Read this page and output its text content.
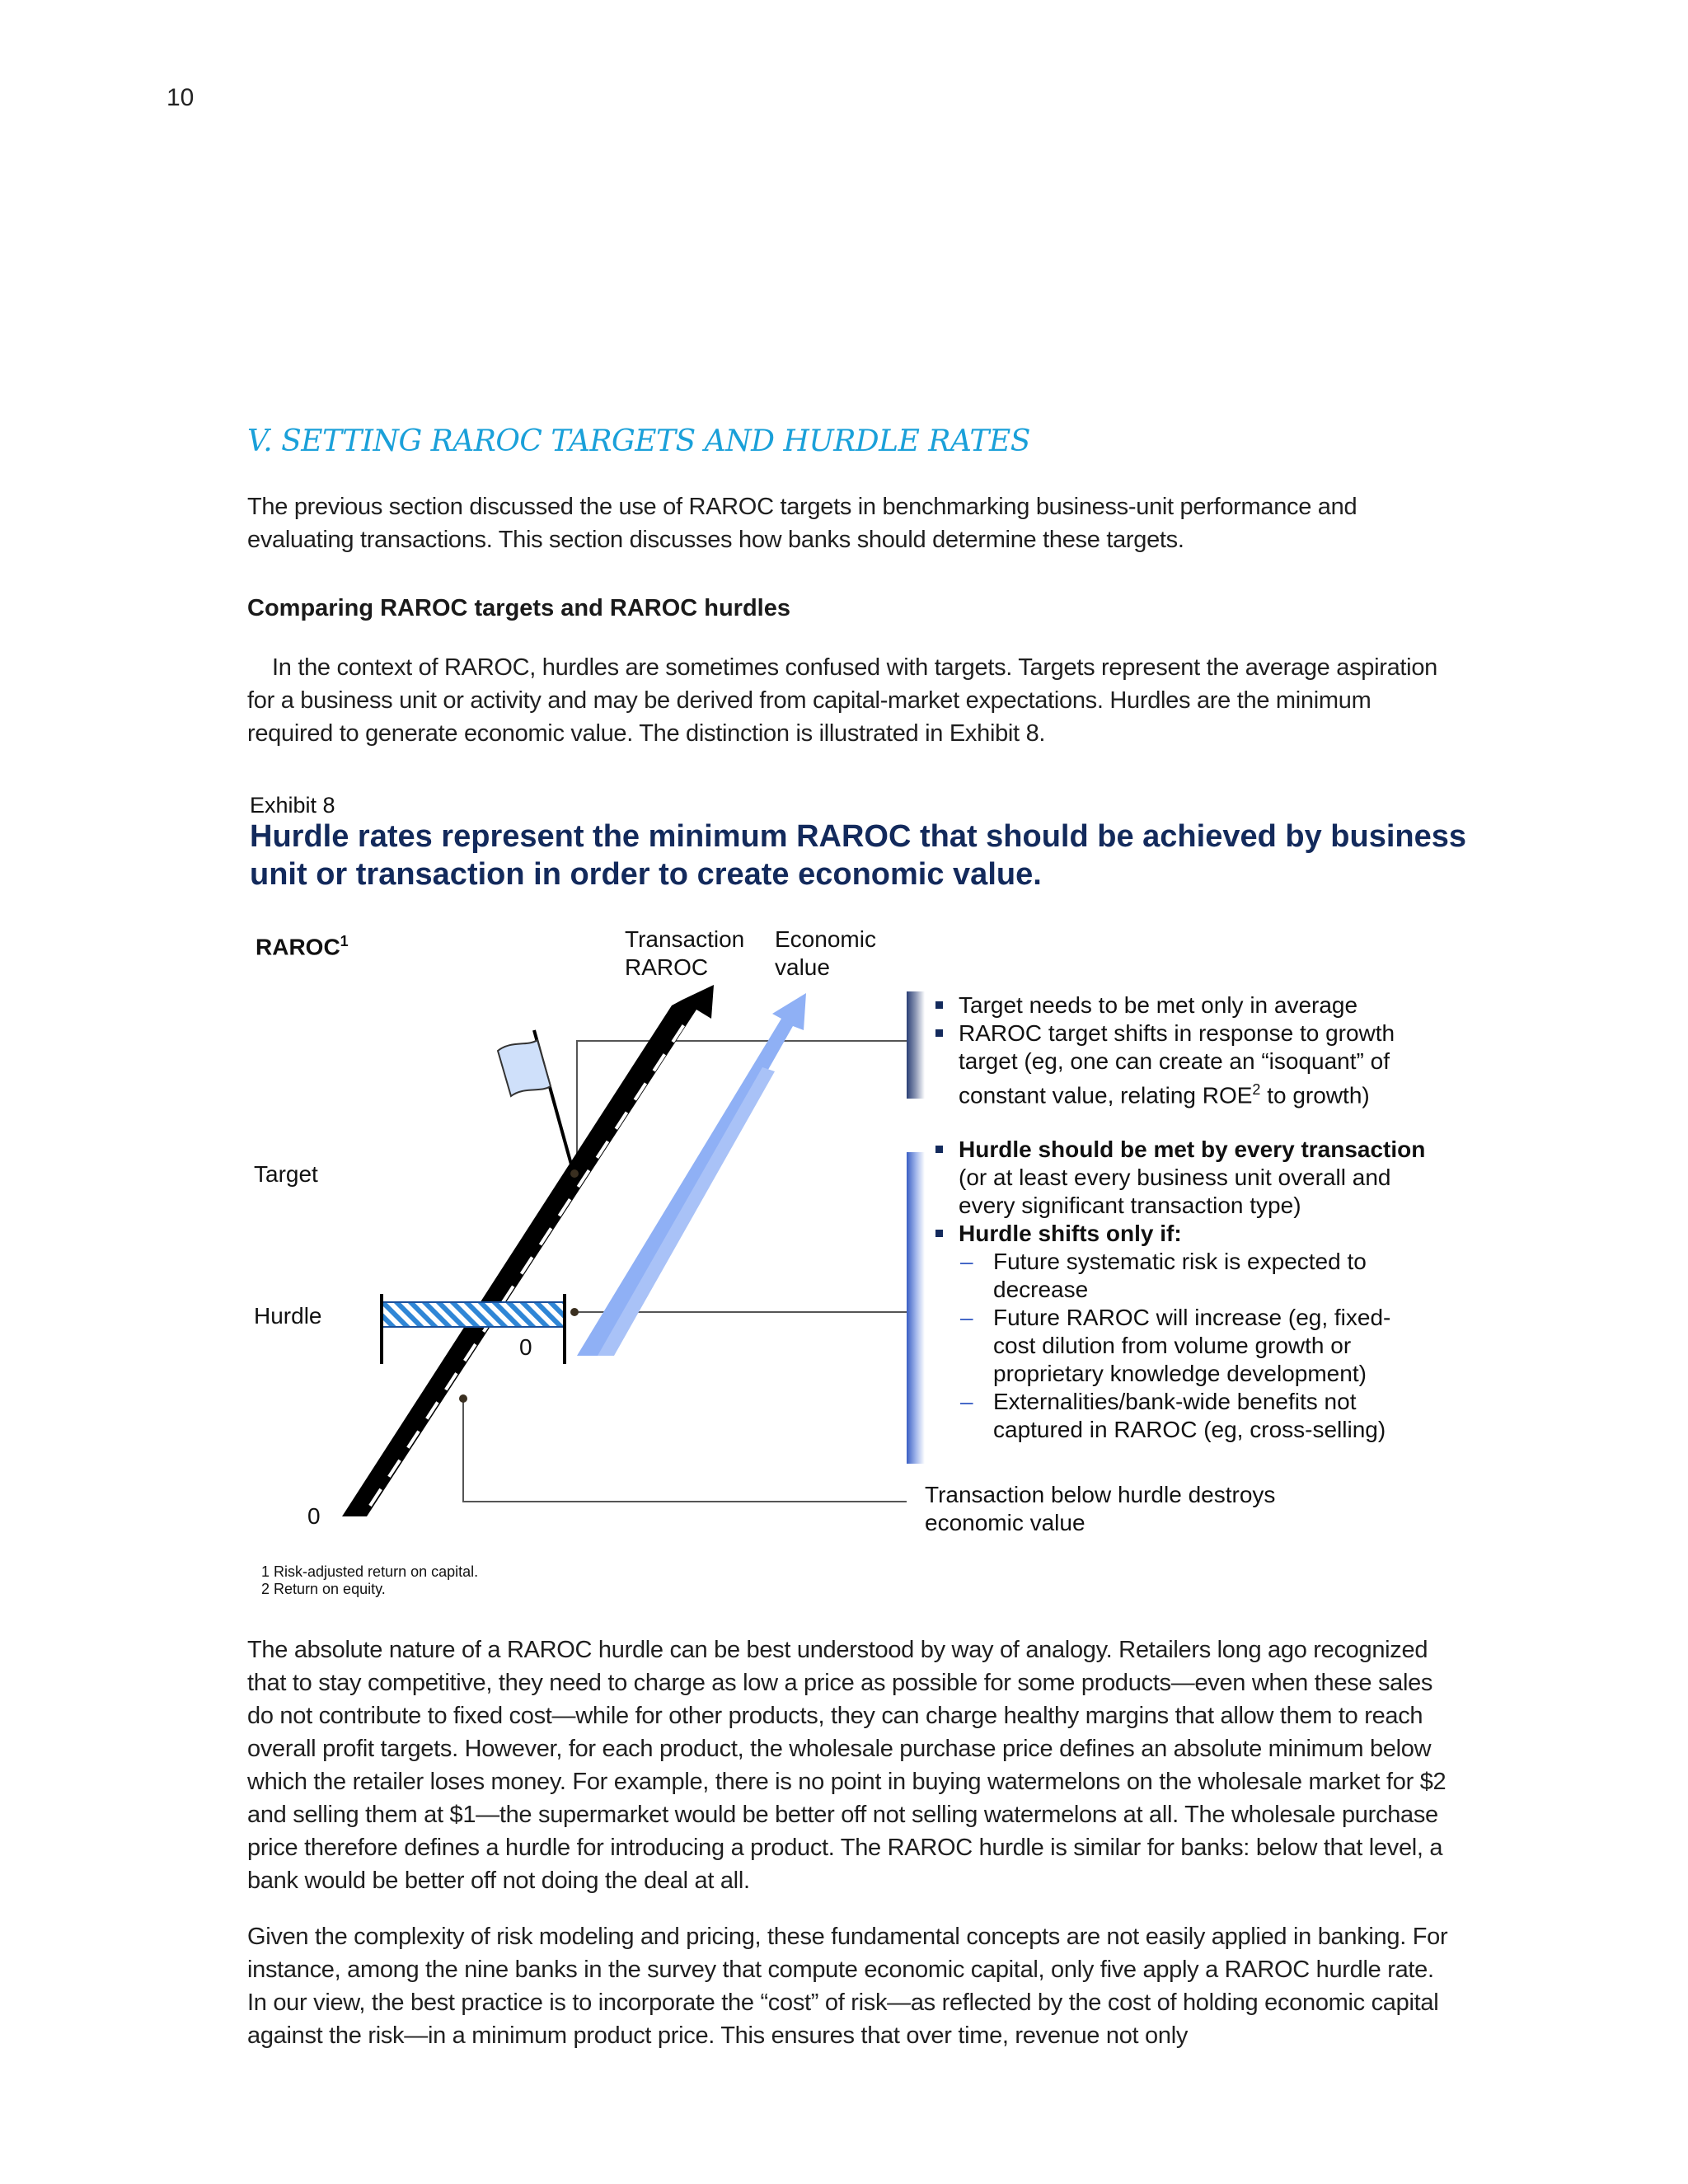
10
V. SETTING RAROC TARGETS AND HURDLE RATES
The previous section discussed the use of RAROC targets in benchmarking business-unit performance and evaluating transactions. This section discusses how banks should determine these targets.
Comparing RAROC targets and RAROC hurdles
In the context of RAROC, hurdles are sometimes confused with targets. Targets represent the average aspiration for a business unit or activity and may be derived from capital-market expectations. Hurdles are the minimum required to generate economic value. The distinction is illustrated in Exhibit 8.
Exhibit 8
Hurdle rates represent the minimum RAROC that should be achieved by business unit or transaction in order to create economic value.
RAROC$^1$	Transaction
RAROC
Economic
value
Target
Hurdle
0
0
Target needs to be met only in average
RAROC target shifts in response to growth target (eg, one can create an “isoquant” of constant value, relating ROE$^2$ to growth)
Hurdle should be met by every transaction (or at least every business unit overall and every significant transaction type)
Hurdle shifts only if:
– Future systematic risk is expected to decrease
– Future RAROC will increase (eg, fixed-cost dilution from volume growth or proprietary knowledge development)
– Externalities/bank-wide benefits not captured in RAROC (eg, cross-selling)
Transaction below hurdle destroys economic value
1 Risk-adjusted return on capital.
2 Return on equity.
The absolute nature of a RAROC hurdle can be best understood by way of analogy. Retailers long ago recognized that to stay competitive, they need to charge as low a price as possible for some products—even when these sales do not contribute to fixed cost—while for other products, they can charge healthy margins that allow them to reach overall profit targets. However, for each product, the wholesale purchase price defines an absolute minimum below which the retailer loses money. For example, there is no point in buying watermelons on the wholesale market for $2 and selling them at $1—the supermarket would be better off not selling watermelons at all. The wholesale purchase price therefore defines a hurdle for introducing a product. The RAROC hurdle is similar for banks: below that level, a bank would be better off not doing the deal at all.
Given the complexity of risk modeling and pricing, these fundamental concepts are not easily applied in banking. For instance, among the nine banks in the survey that compute economic capital, only five apply a RAROC hurdle rate. In our view, the best practice is to incorporate the “cost” of risk—as reflected by the cost of holding economic capital against the risk—in a minimum product price. This ensures that over time, revenue not only
